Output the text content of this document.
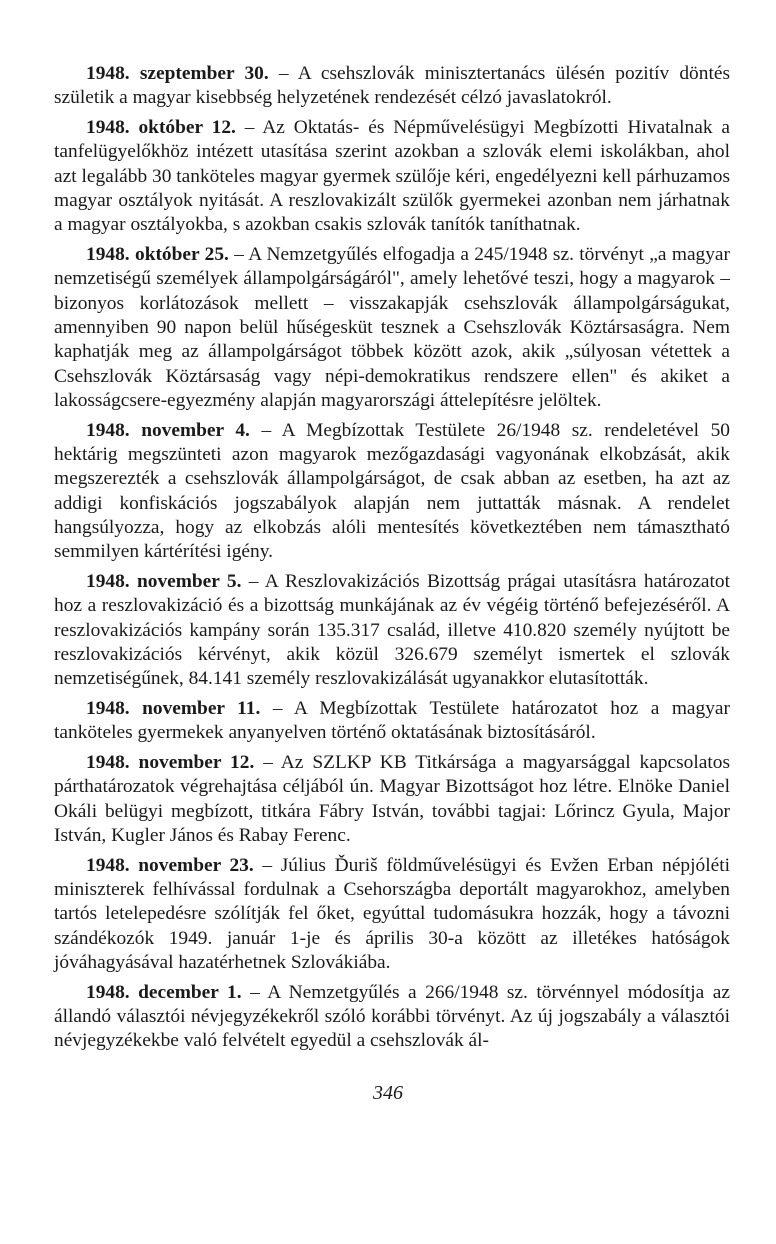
1948. szeptember 30. – A csehszlovák minisztertanács ülésén pozitív döntés születik a magyar kisebbség helyzetének rendezését célzó javaslatokról.

1948. október 12. – Az Oktatás- és Népművelésügyi Megbízotti Hivatalnak a tanfelügyelőkhöz intézett utasítása szerint azokban a szlovák elemi iskolákban, ahol azt legalább 30 tanköteles magyar gyermek szülője kéri, engedélyezni kell párhuzamos magyar osztályok nyitását. A reszlovakizált szülők gyermekei azonban nem járhatnak a magyar osztályokba, s azokban csakis szlovák tanítók taníthatnak.

1948. október 25. – A Nemzetgyűlés elfogadja a 245/1948 sz. törvényt „a magyar nemzetiségű személyek állampolgárságáról", amely lehetővé teszi, hogy a magyarok – bizonyos korlátozások mellett – visszakapják csehszlovák állampolgárságukat, amennyiben 90 napon belül hűségesküt tesznek a Csehszlovák Köztársaságra. Nem kaphatják meg az állampolgárságot többek között azok, akik „súlyosan vétettek a Csehszlovák Köztársaság vagy népi-demokratikus rendszere ellen" és akiket a lakosságcsere-egyezmény alapján magyarországi áttelepítésre jelöltek.

1948. november 4. – A Megbízottak Testülete 26/1948 sz. rendeletével 50 hektárig megszünteti azon magyarok mezőgazdasági vagyonának elkobzását, akik megszerezték a csehszlovák állampolgárságot, de csak abban az esetben, ha azt az addigi konfiskációs jogszabályok alapján nem juttatták másnak. A rendelet hangsúlyozza, hogy az elkobzás alóli mentesítés következtében nem támasztható semmilyen kártérítési igény.

1948. november 5. – A Reszlovakizációs Bizottság prágai utasításra határozatot hoz a reszlovakizáció és a bizottság munkájának az év végéig történő befejezéséről. A reszlovakizációs kampány során 135.317 család, illetve 410.820 személy nyújtott be reszlovakizációs kérvényt, akik közül 326.679 személyt ismertek el szlovák nemzetiségűnek, 84.141 személy reszlovakizálását ugyanakkor elutasították.

1948. november 11. – A Megbízottak Testülete határozatot hoz a magyar tanköteles gyermekek anyanyelven történő oktatásának biztosításáról.

1948. november 12. – Az SZLKP KB Titkársága a magyarsággal kapcsolatos párthatározatok végrehajtása céljából ún. Magyar Bizottságot hoz létre. Elnöke Daniel Okáli belügyi megbízott, titkára Fábry István, további tagjai: Lőrincz Gyula, Major István, Kugler János és Rabay Ferenc.

1948. november 23. – Július Ďuriš földművelésügyi és Evžen Erban népjóléti miniszterek felhívással fordulnak a Csehországba deportált magyarokhoz, amelyben tartós letelepedésre szólítják fel őket, egyúttal tudomásukra hozzák, hogy a távozni szándékozók 1949. január 1-je és április 30-a között az illetékes hatóságok jóváhagyásával hazatérhetnek Szlovákiába.

1948. december 1. – A Nemzetgyűlés a 266/1948 sz. törvénnyel módosítja az állandó választói névjegyzékekről szóló korábbi törvényt. Az új jogszabály a választói névjegyzékekbe való felvételt egyedül a csehszlovák ál-

346
